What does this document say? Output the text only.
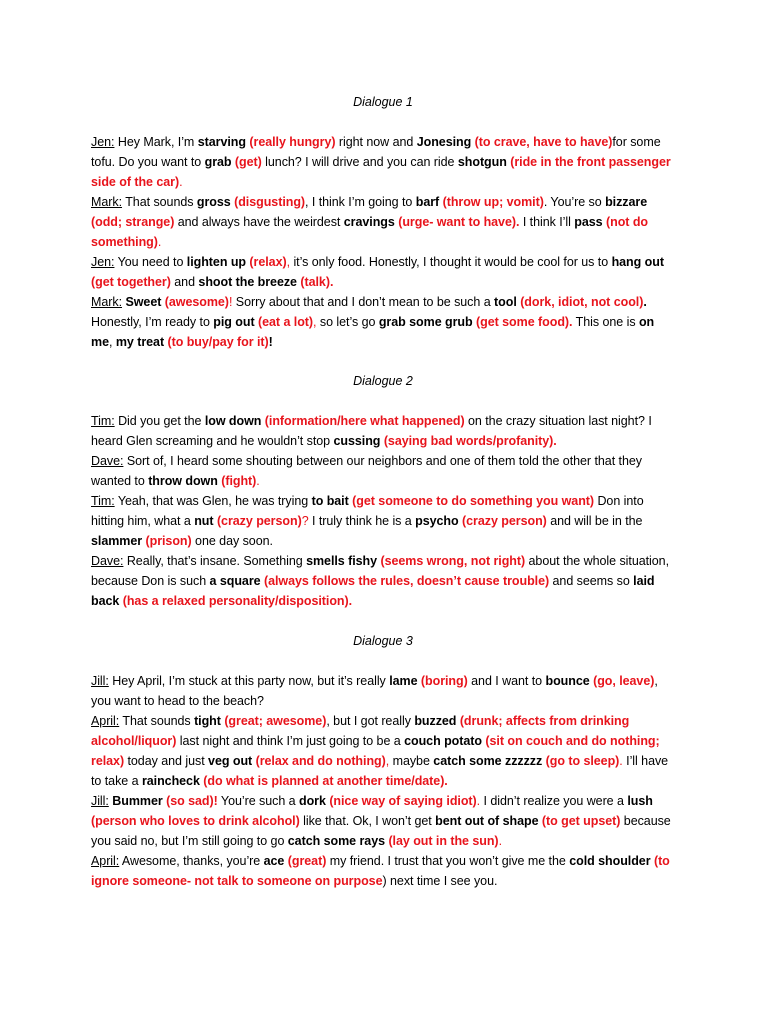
Dialogue 1
Jen: Hey Mark, I’m starving (really hungry) right now and Jonesing (to crave, have to have)for some tofu. Do you want to grab (get) lunch? I will drive and you can ride shotgun (ride in the front passenger side of the car).
Mark: That sounds gross (disgusting), I think I’m going to barf (throw up; vomit). You’re so bizzare (odd; strange) and always have the weirdest cravings (urge- want to have). I think I’ll pass (not do something).
Jen: You need to lighten up (relax), it’s only food. Honestly, I thought it would be cool for us to hang out (get together) and shoot the breeze (talk).
Mark: Sweet (awesome)! Sorry about that and I don’t mean to be such a tool (dork, idiot, not cool). Honestly, I’m ready to pig out (eat a lot), so let’s go grab some grub (get some food). This one is on me, my treat (to buy/pay for it)!
Dialogue 2
Tim: Did you get the low down (information/here what happened) on the crazy situation last night? I heard Glen screaming and he wouldn’t stop cussing (saying bad words/profanity).
Dave: Sort of, I heard some shouting between our neighbors and one of them told the other that they wanted to throw down (fight).
Tim: Yeah, that was Glen, he was trying to bait (get someone to do something you want) Don into hitting him, what a nut (crazy person)? I truly think he is a psycho (crazy person) and will be in the slammer (prison) one day soon.
Dave: Really, that’s insane. Something smells fishy (seems wrong, not right) about the whole situation, because Don is such a square (always follows the rules, doesn’t cause trouble) and seems so laid back (has a relaxed personality/disposition).
Dialogue 3
Jill: Hey April, I’m stuck at this party now, but it’s really lame (boring) and I want to bounce (go, leave), you want to head to the beach?
April: That sounds tight (great; awesome), but I got really buzzed (drunk; affects from drinking alcohol/liquor) last night and think I’m just going to be a couch potato (sit on couch and do nothing; relax) today and just veg out (relax and do nothing), maybe catch some zzzzzz (go to sleep). I’ll have to take a raincheck (do what is planned at another time/date).
Jill: Bummer (so sad)! You’re such a dork (nice way of saying idiot). I didn’t realize you were a lush (person who loves to drink alcohol) like that. Ok, I won’t get bent out of shape (to get upset) because you said no, but I’m still going to go catch some rays (lay out in the sun).
April: Awesome, thanks, you’re ace (great) my friend. I trust that you won’t give me the cold shoulder (to ignore someone- not talk to someone on purpose) next time I see you.
